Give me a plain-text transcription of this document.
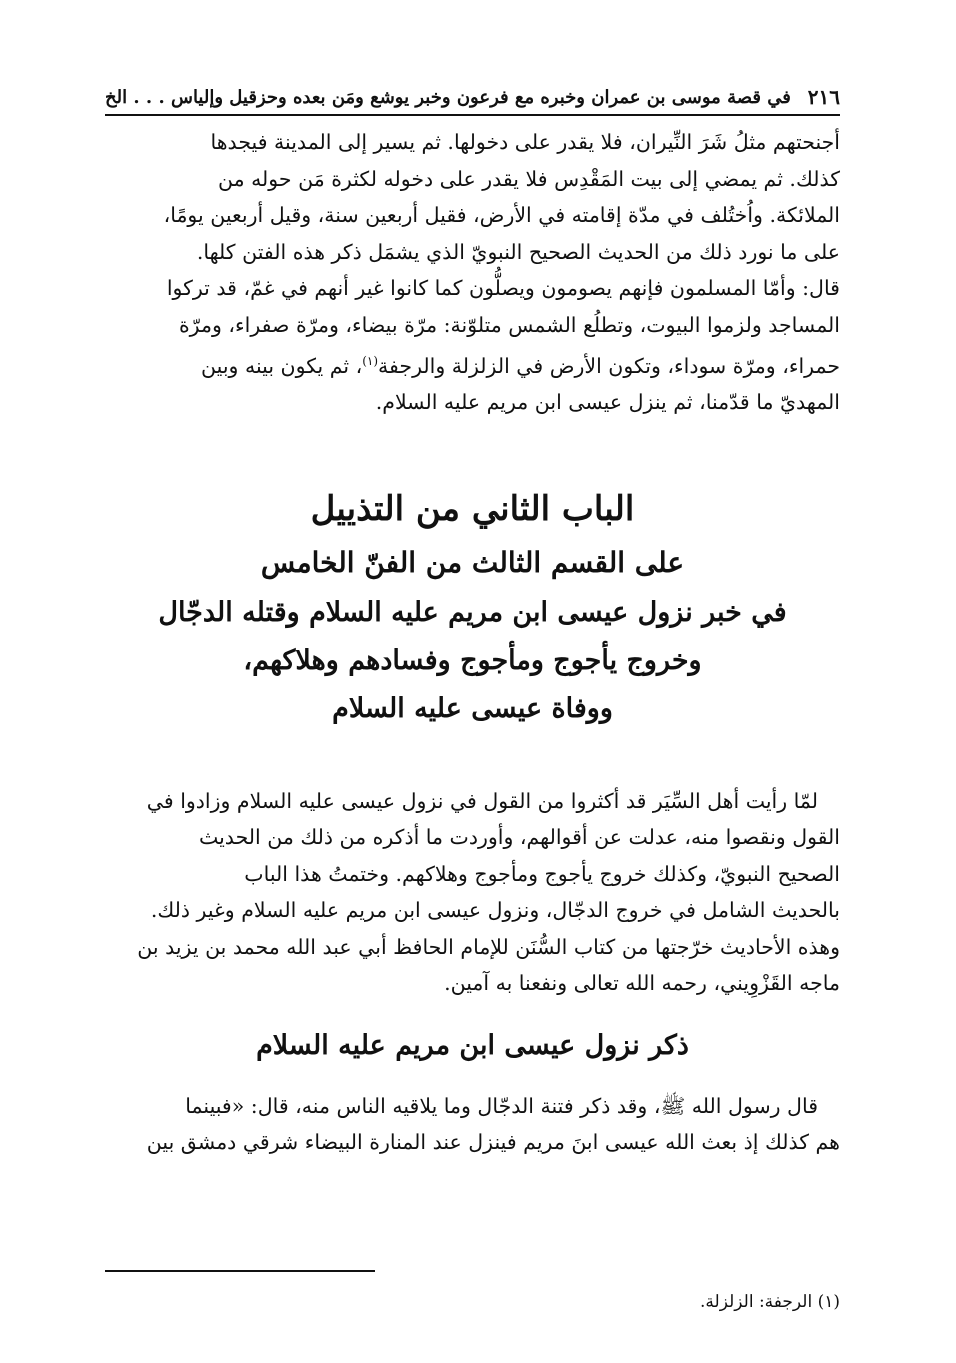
٢١٦
في قصة موسى بن عمران وخبره مع فرعون وخبر يوشع ومَن بعده وحزقيل وإلياس . . . الخ

أجنحتهم مثلُ شَرَ النِّيران، فلا يقدر على دخولها. ثم يسير إلى المدينة فيجدها

كذلك. ثم يمضي إلى بيت المَقْدِس فلا يقدر على دخوله لكثرة مَن حوله من

الملائكة. واُختُلف في مدّة إقامته في الأرض، فقيل أربعين سنة، وقيل أربعين يومًا،

على ما نورد ذلك من الحديث الصحيح النبويّ الذي يشمَل ذكر هذه الفتن كلها.

قال: وأمّا المسلمون فإنهم يصومون ويصلُّون كما كانوا غير أنهم في غمّ، قد تركوا

المساجد ولزموا البيوت، وتطلُع الشمس متلوّنة: مرّة بيضاء، ومرّة صفراء، ومرّة

حمراء، ومرّة سوداء، وتكون الأرض في الزلزلة والرجفة$^{(١)}$، ثم يكون بينه وبين

المهديّ ما قدّمنا، ثم ينزل عيسى ابن مريم عليه السلام.

الباب الثاني من التذييل
على القسم الثالث من الفنّ الخامس
في خبر نزول عيسى ابن مريم عليه السلام وقتله الدجّال
وخروج يأجوج ومأجوج وفسادهم وهلاكهم،
ووفاة عيسى عليه السلام

لمّا رأيت أهل السِّيَر قد أكثروا من القول في نزول عيسى عليه السلام وزادوا في

القول ونقصوا منه، عدلت عن أقوالهم، وأوردت ما أذكره من ذلك من الحديث

الصحيح النبويّ، وكذلك خروج يأجوج ومأجوج وهلاكهم. وختمتُ هذا الباب

بالحديث الشامل في خروج الدجّال، ونزول عيسى ابن مريم عليه السلام وغير ذلك.

وهذه الأحاديث خرّجتها من كتاب السُّنَن للإمام الحافظ أبي عبد الله محمد بن يزيد بن

ماجه القَزْوِيني، رحمه الله تعالى ونفعنا به آمين.

ذكر نزول عيسى ابن مريم عليه السلام

قال رسول الله ﷺ، وقد ذكر فتنة الدجّال وما يلاقيه الناس منه، قال: «فبينما

هم كذلك إذ بعث الله عيسى ابنَ مريم فينزل عند المنارة البيضاء شرقي دمشق بين

(١) الرجفة: الزلزلة.
